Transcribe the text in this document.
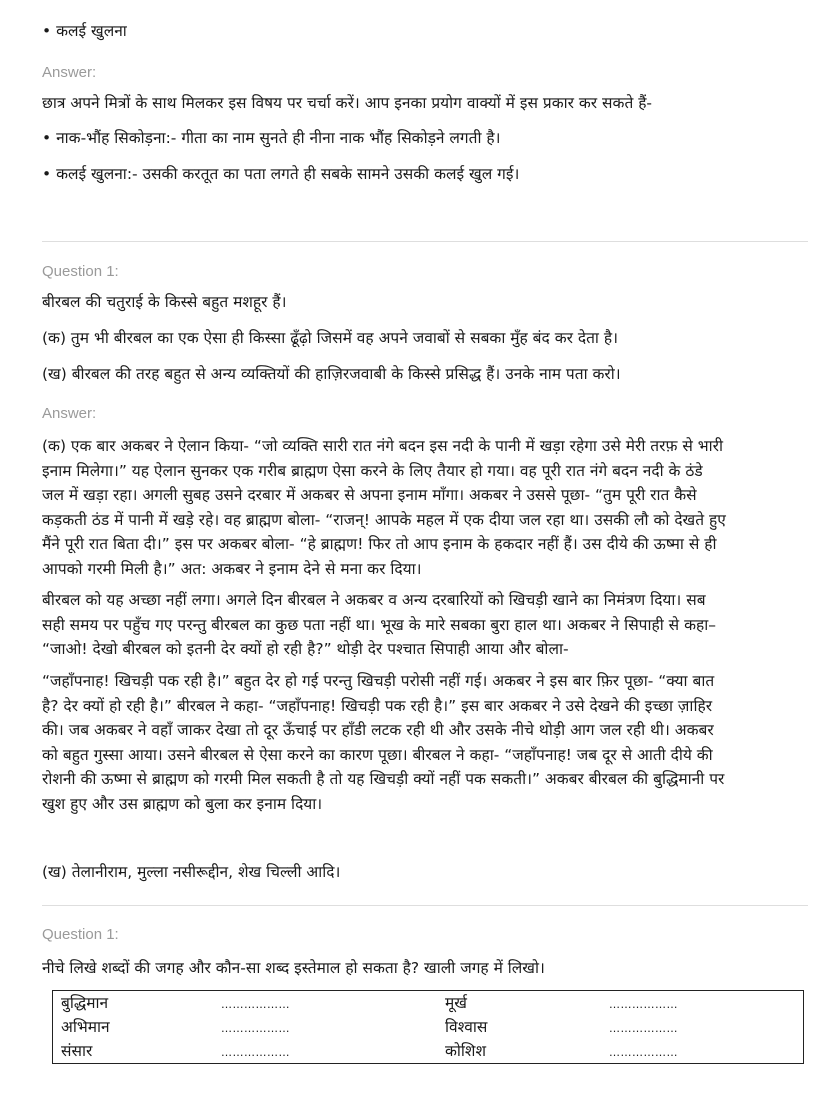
• कलई खुलना
Answer:
छात्र अपने मित्रों के साथ मिलकर इस विषय पर चर्चा करें। आप इनका प्रयोग वाक्यों में इस प्रकार कर सकते हैं-
• नाक-भौंह सिकोड़ना:- गीता का नाम सुनते ही नीना नाक भौंह सिकोड़ने लगती है।
• कलई खुलना:- उसकी करतूत का पता लगते ही सबके सामने उसकी कलई खुल गई।
Question 1:
बीरबल की चतुराई के किस्से बहुत मशहूर हैं।
(क) तुम भी बीरबल का एक ऐसा ही किस्सा ढूँढ़ो जिसमें वह अपने जवाबों से सबका मुँह बंद कर देता है।
(ख) बीरबल की तरह बहुत से अन्य व्यक्तियों की हाज़िरजवाबी के किस्से प्रसिद्ध हैं। उनके नाम पता करो।
Answer:
(क) एक बार अकबर ने ऐलान किया- “जो व्यक्ति सारी रात नंगे बदन इस नदी के पानी में खड़ा रहेगा उसे मेरी तरफ़ से भारी
इनाम मिलेगा।” यह ऐलान सुनकर एक गरीब ब्राह्मण ऐसा करने के लिए तैयार हो गया। वह पूरी रात नंगे बदन नदी के ठंडे
जल में खड़ा रहा। अगली सुबह उसने दरबार में अकबर से अपना इनाम माँगा। अकबर ने उससे पूछा- “तुम पूरी रात कैसे
कड़कती ठंड में पानी में खड़े रहे। वह ब्राह्मण बोला- “राजन्! आपके महल में एक दीया जल रहा था। उसकी लौ को देखते हुए
मैंने पूरी रात बिता दी।” इस पर अकबर बोला- “हे ब्राह्मण! फिर तो आप इनाम के हकदार नहीं हैं। उस दीये की ऊष्मा से ही
आपको गरमी मिली है।” अत: अकबर ने इनाम देने से मना कर दिया।
बीरबल को यह अच्छा नहीं लगा। अगले दिन बीरबल ने अकबर व अन्य दरबारियों को खिचड़ी खाने का निमंत्रण दिया। सब
सही समय पर पहुँच गए परन्तु बीरबल का कुछ पता नहीं था। भूख के मारे सबका बुरा हाल था। अकबर ने सिपाही से कहा–
“जाओ! देखो बीरबल को इतनी देर क्यों हो रही है?” थोड़ी देर पश्चात सिपाही आया और बोला-
“जहाँपनाह! खिचड़ी पक रही है।” बहुत देर हो गई परन्तु खिचड़ी परोसी नहीं गई। अकबर ने इस बार फ़िर पूछा- “क्या बात
है? देर क्यों हो रही है।” बीरबल ने कहा- “जहाँपनाह! खिचड़ी पक रही है।” इस बार अकबर ने उसे देखने की इच्छा ज़ाहिर
की। जब अकबर ने वहाँ जाकर देखा तो दूर ऊँचाई पर हाँडी लटक रही थी और उसके नीचे थोड़ी आग जल रही थी। अकबर
को बहुत गुस्सा आया। उसने बीरबल से ऐसा करने का कारण पूछा। बीरबल ने कहा- “जहाँपनाह! जब दूर से आती दीये की
रोशनी की ऊष्मा से ब्राह्मण को गरमी मिल सकती है तो यह खिचड़ी क्यों नहीं पक सकती।” अकबर बीरबल की बुद्धिमानी पर
खुश हुए और उस ब्राह्मण को बुला कर इनाम दिया।
(ख) तेलानीराम, मुल्ला नसीरूद्दीन, शेख चिल्ली आदि।
Question 1:
नीचे लिखे शब्दों की जगह और कौन-सा शब्द इस्तेमाल हो सकता है? खाली जगह में लिखो।
बुद्धिमान	………………	मूर्ख	………………
अभिमान	………………	विश्वास	………………
संसार	………………	कोशिश	………………
